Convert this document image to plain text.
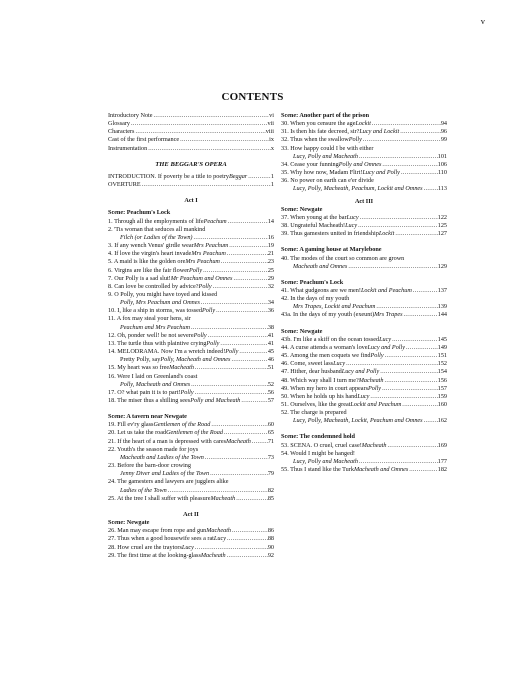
v
CONTENTS
Introductory Note . . .	vi
Glossary . . .	vii
Characters . . .	viii
Cast of the first performance . . .	ix
Instrumentation . . .	x
THE BEGGAR'S OPERA
INTRODUCTION. If poverty be a title to poetry Beggar . . .	1
OVERTURE . . .	1
Act I
Scene: Peachum's Lock
1. Through all the employments of life Peachum . . .	14
2. 'Tis woman that seduces all mankind
Filch (or Ladies of the Town) . . .	16
3. If any wench Venus' girdle wear Mrs Peachum . . .	19
4. If love the virgin's heart invade Mrs Peachum . . .	21
5. A maid is like the golden ore Mrs Peachum . . .	23
6. Virgins are like the fair flower Polly . . .	25
7. Our Polly is a sad slut! Mr Peachum and Omnes . . .	29
8. Can love be controlled by advice? Polly . . .	32
9. O Polly, you might have toyed and kissed
Polly, Mrs Peachum and Omnes . . .	34
10. I, like a ship in storms, was tossed Polly . . .	36
11. A fox may steal your hens, sir
Peachum and Mrs Peachum . . .	38
12. Oh, ponder well! be not severe Polly . . .	41
13. The turtle thus with plaintive crying Polly . . .	41
14. MELODRAMA. Now I'm a wretch indeed! Polly . . .	45
Pretty Polly, say Polly, Macheath and Omnes . . .	46
15. My heart was so free Macheath . . .	51
16. Were I laid on Greenland's coast
Polly, Macheath and Omnes . . .	52
17. O? what pain it is to part! Polly . . .	56
18. The miser thus a shilling sees Polly and Macheath . . .	57
Scene: A tavern near Newgate
19. Fill ev'ry glass Gentlemen of the Road . . .	60
20. Let us take the road Gentlemen of the Road . . .	65
21. If the heart of a man is depressed with cares Macheath . . .	71
22. Youth's the season made for joys
Macheath and Ladies of the Town . . .	73
23. Before the barn-door crowing
Jenny Diver and Ladies of the Town . . .	79
24. The gamesters and lawyers are jugglers alike
Ladies of the Town . . .	82
25. At the tree I shall suffer with pleasure Macheath . . .	85
Act II
Scene: Newgate
26. Man may escape from rope and gun Macheath . . .	86
27. Thus when a good housewife sees a rat Lucy . . .	88
28. How cruel are the traytors Lucy . . .	90
29. The first time at the looking-glass Macheath . . .	92
Scene: Another part of the prison
30. When you censure the age Lockit . . .	94
31. Is then his fate decreed, sir? Lucy and Lockit . . .	96
32. Thus when the swallow Polly . . .	99
33. How happy could I be with either
Lucy, Polly and Macheath . . .	101
34. Cease your funning Polly and Omnes . . .	106
35. Why how now, Madam Flirt! Lucy and Polly . . .	110
36. No power on earth can e'er divide
Lucy, Polly, Macheath, Peachum, Lockit and Omnes . . . 113
Act III
Scene: Newgate
37. When young at the bar Lucy . . .	122
38. Ungrateful Macheath! Lucy . . .	125
39. Thus gamesters united in friendship Lockit . . .	127
Scene: A gaming house at Marylebone
40. The modes of the court so common are grown
Macheath and Omnes . . .	129
Scene: Peachum's Lock
41. What gudgeons are we men! Lockit and Peachum . . .	137
42. In the days of my youth
Mrs Trapes, Lockit and Peachum . . .	139
43a. In the days of my youth (exeunt) Mrs Trapes . . .	144
Scene: Newgate
43b. I'm like a skiff on the ocean tossed Lucy . . .	145
44. A curse attends a woman's love Lucy and Polly . . .	149
45. Among the men coquets we find Polly . . .	151
46. Come, sweet lass Lucy . . .	152
47. Hither, dear husband Lucy and Polly . . .	154
48. Which way shall I turn me? Macheath . . .	156
49. When my hero in court appears Polly . . .	157
50. When he holds up his hand Lucy . . .	159
51. Ourselves, like the great Lockit and Peachum . . .	160
52. The charge is prepared
Lucy, Polly, Macheath, Lockit, Peachum and Omnes . . . 162
Scene: The condemned hold
53. SCENA. O cruel, cruel case! Macheath . . .	169
54. Would I might be hanged!
Lucy, Polly and Macheath . . .	177
55. Thus I stand like the Turk Macheath and Omnes . . .	182
